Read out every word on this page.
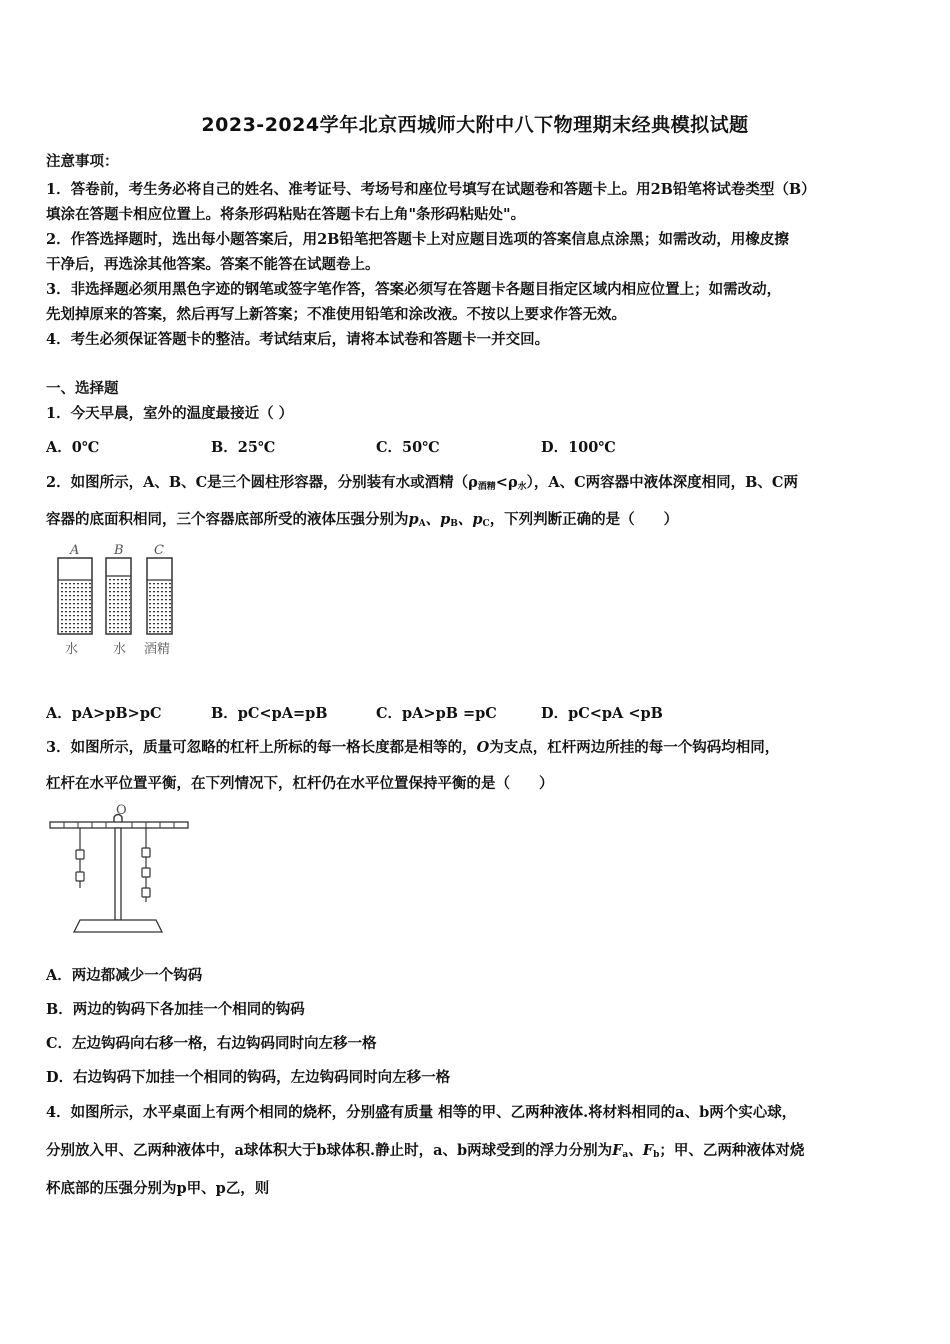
2023-2024学年北京西城师大附中八下物理期末经典模拟试题
注意事项：
1．答卷前，考生务必将自己的姓名、准考证号、考场号和座位号填写在试题卷和答题卡上。用2B铅笔将试卷类型（B）
填涂在答题卡相应位置上。将条形码粘贴在答题卡右上角"条形码粘贴处"。
2．作答选择题时，选出每小题答案后，用2B铅笔把答题卡上对应题目选项的答案信息点涂黑；如需改动，用橡皮擦
干净后，再选涂其他答案。答案不能答在试题卷上。
3．非选择题必须用黑色字迹的钢笔或签字笔作答，答案必须写在答题卡各题目指定区域内相应位置上；如需改动，
先划掉原来的答案，然后再写上新答案；不准使用铅笔和涂改液。不按以上要求作答无效。
4．考生必须保证答题卡的整洁。考试结束后，请将本试卷和答题卡一并交回。
一、选择题
1．今天早晨，室外的温度最接近（ ）
A．0℃	B．25℃	C．50℃	D．100℃
2．如图所示，A、B、C是三个圆柱形容器，分别装有水或酒精$(\rho_{酒精}<\rho_水)$，A、C两容器中液体深度相同，B、C两
容器的底面积相同，三个容器底部所受的液体压强分别为$p_A$、$p_B$、$p_C$，下列判断正确的是（　　）
A	B C
水	水 酒精
A．pA>pB>pC	B．pC<pA=pB	C．pA>pB =pC	D．pC<pA <pB
3．如图所示，质量可忽略的杠杆上所标的每一格长度都是相等的，O为支点，杠杆两边所挂的每一个钩码均相同，
杠杆在水平位置平衡，在下列情况下，杠杆仍在水平位置保持平衡的是（　　）
O
A．两边都减少一个钩码
B．两边的钩码下各加挂一个相同的钩码
C．左边钩码向右移一格，右边钩码同时向左移一格
D．右边钩码下加挂一个相同的钩码，左边钩码同时向左移一格
4．如图所示，水平桌面上有两个相同的烧杯，分别盛有质量 相等的甲、乙两种液体.将材料相同的a、b两个实心球，
分别放入甲、乙两种液体中，a球体积大于b球体积.静止时，a、b两球受到的浮力分别为$F_a$、$F_b$；甲、乙两种液体对烧
杯底部的压强分别为p甲、p乙，则
